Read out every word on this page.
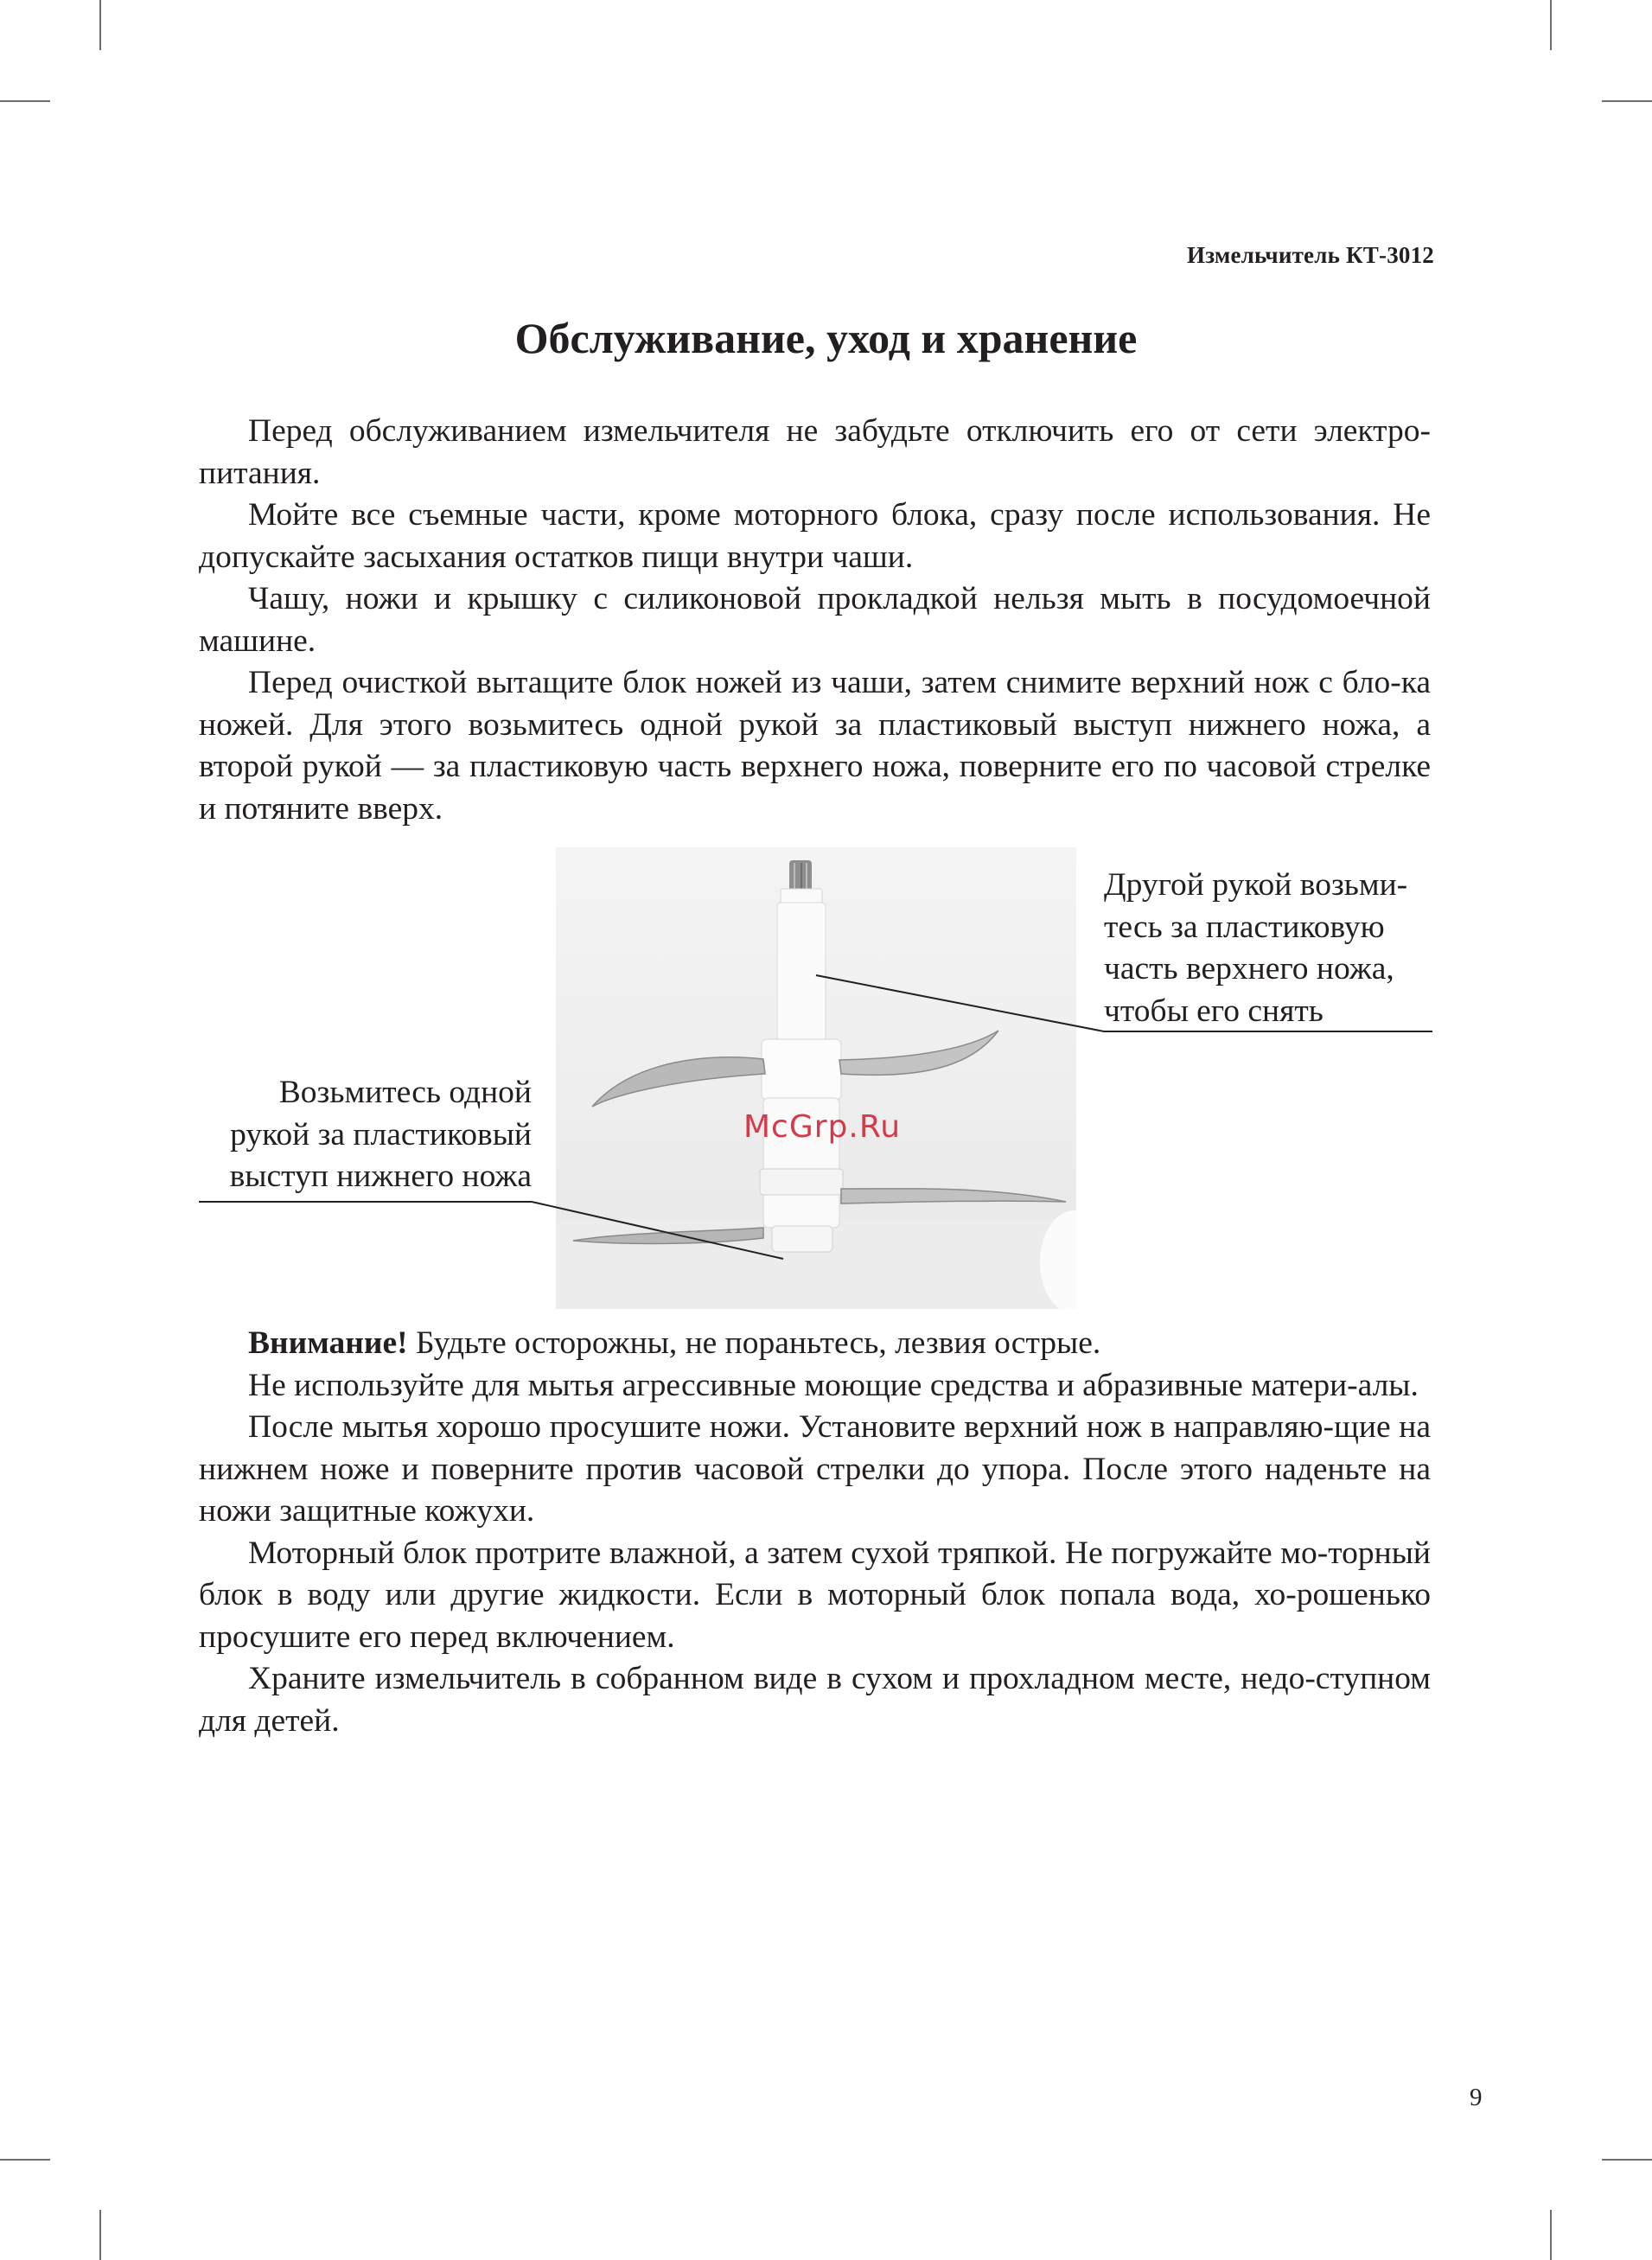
Измельчитель КТ-3012
Обслуживание, уход и хранение

Перед обслуживанием измельчителя не забудьте отключить его от сети электро-питания.

Мойте все съемные части, кроме моторного блока, сразу после использования. Не допускайте засыхания остатков пищи внутри чаши.

Чашу, ножи и крышку с силиконовой прокладкой нельзя мыть в посудомоечной машине.

Перед очисткой вытащите блок ножей из чаши, затем снимите верхний нож с бло-ка ножей. Для этого возьмитесь одной рукой за пластиковый выступ нижнего ножа, а второй рукой — за пластиковую часть верхнего ножа, поверните его по часовой стрелке и потяните вверх.

McGrp.Ru
Другой рукой возьми-
тесь за пластиковую
часть верхнего ножа,
чтобы его снять
Возьмитесь одной
рукой за пластиковый
выступ нижнего ножа

Внимание! Будьте осторожны, не пораньтесь, лезвия острые.

Не используйте для мытья агрессивные моющие средства и абразивные матери-алы.

После мытья хорошо просушите ножи. Установите верхний нож в направляю-щие на нижнем ноже и поверните против часовой стрелки до упора. После этого наденьте на ножи защитные кожухи.

Моторный блок протрите влажной, а затем сухой тряпкой. Не погружайте мо-торный блок в воду или другие жидкости. Если в моторный блок попала вода, хо-рошенько просушите его перед включением.

Храните измельчитель в собранном виде в сухом и прохладном месте, недо-ступном для детей.

9
